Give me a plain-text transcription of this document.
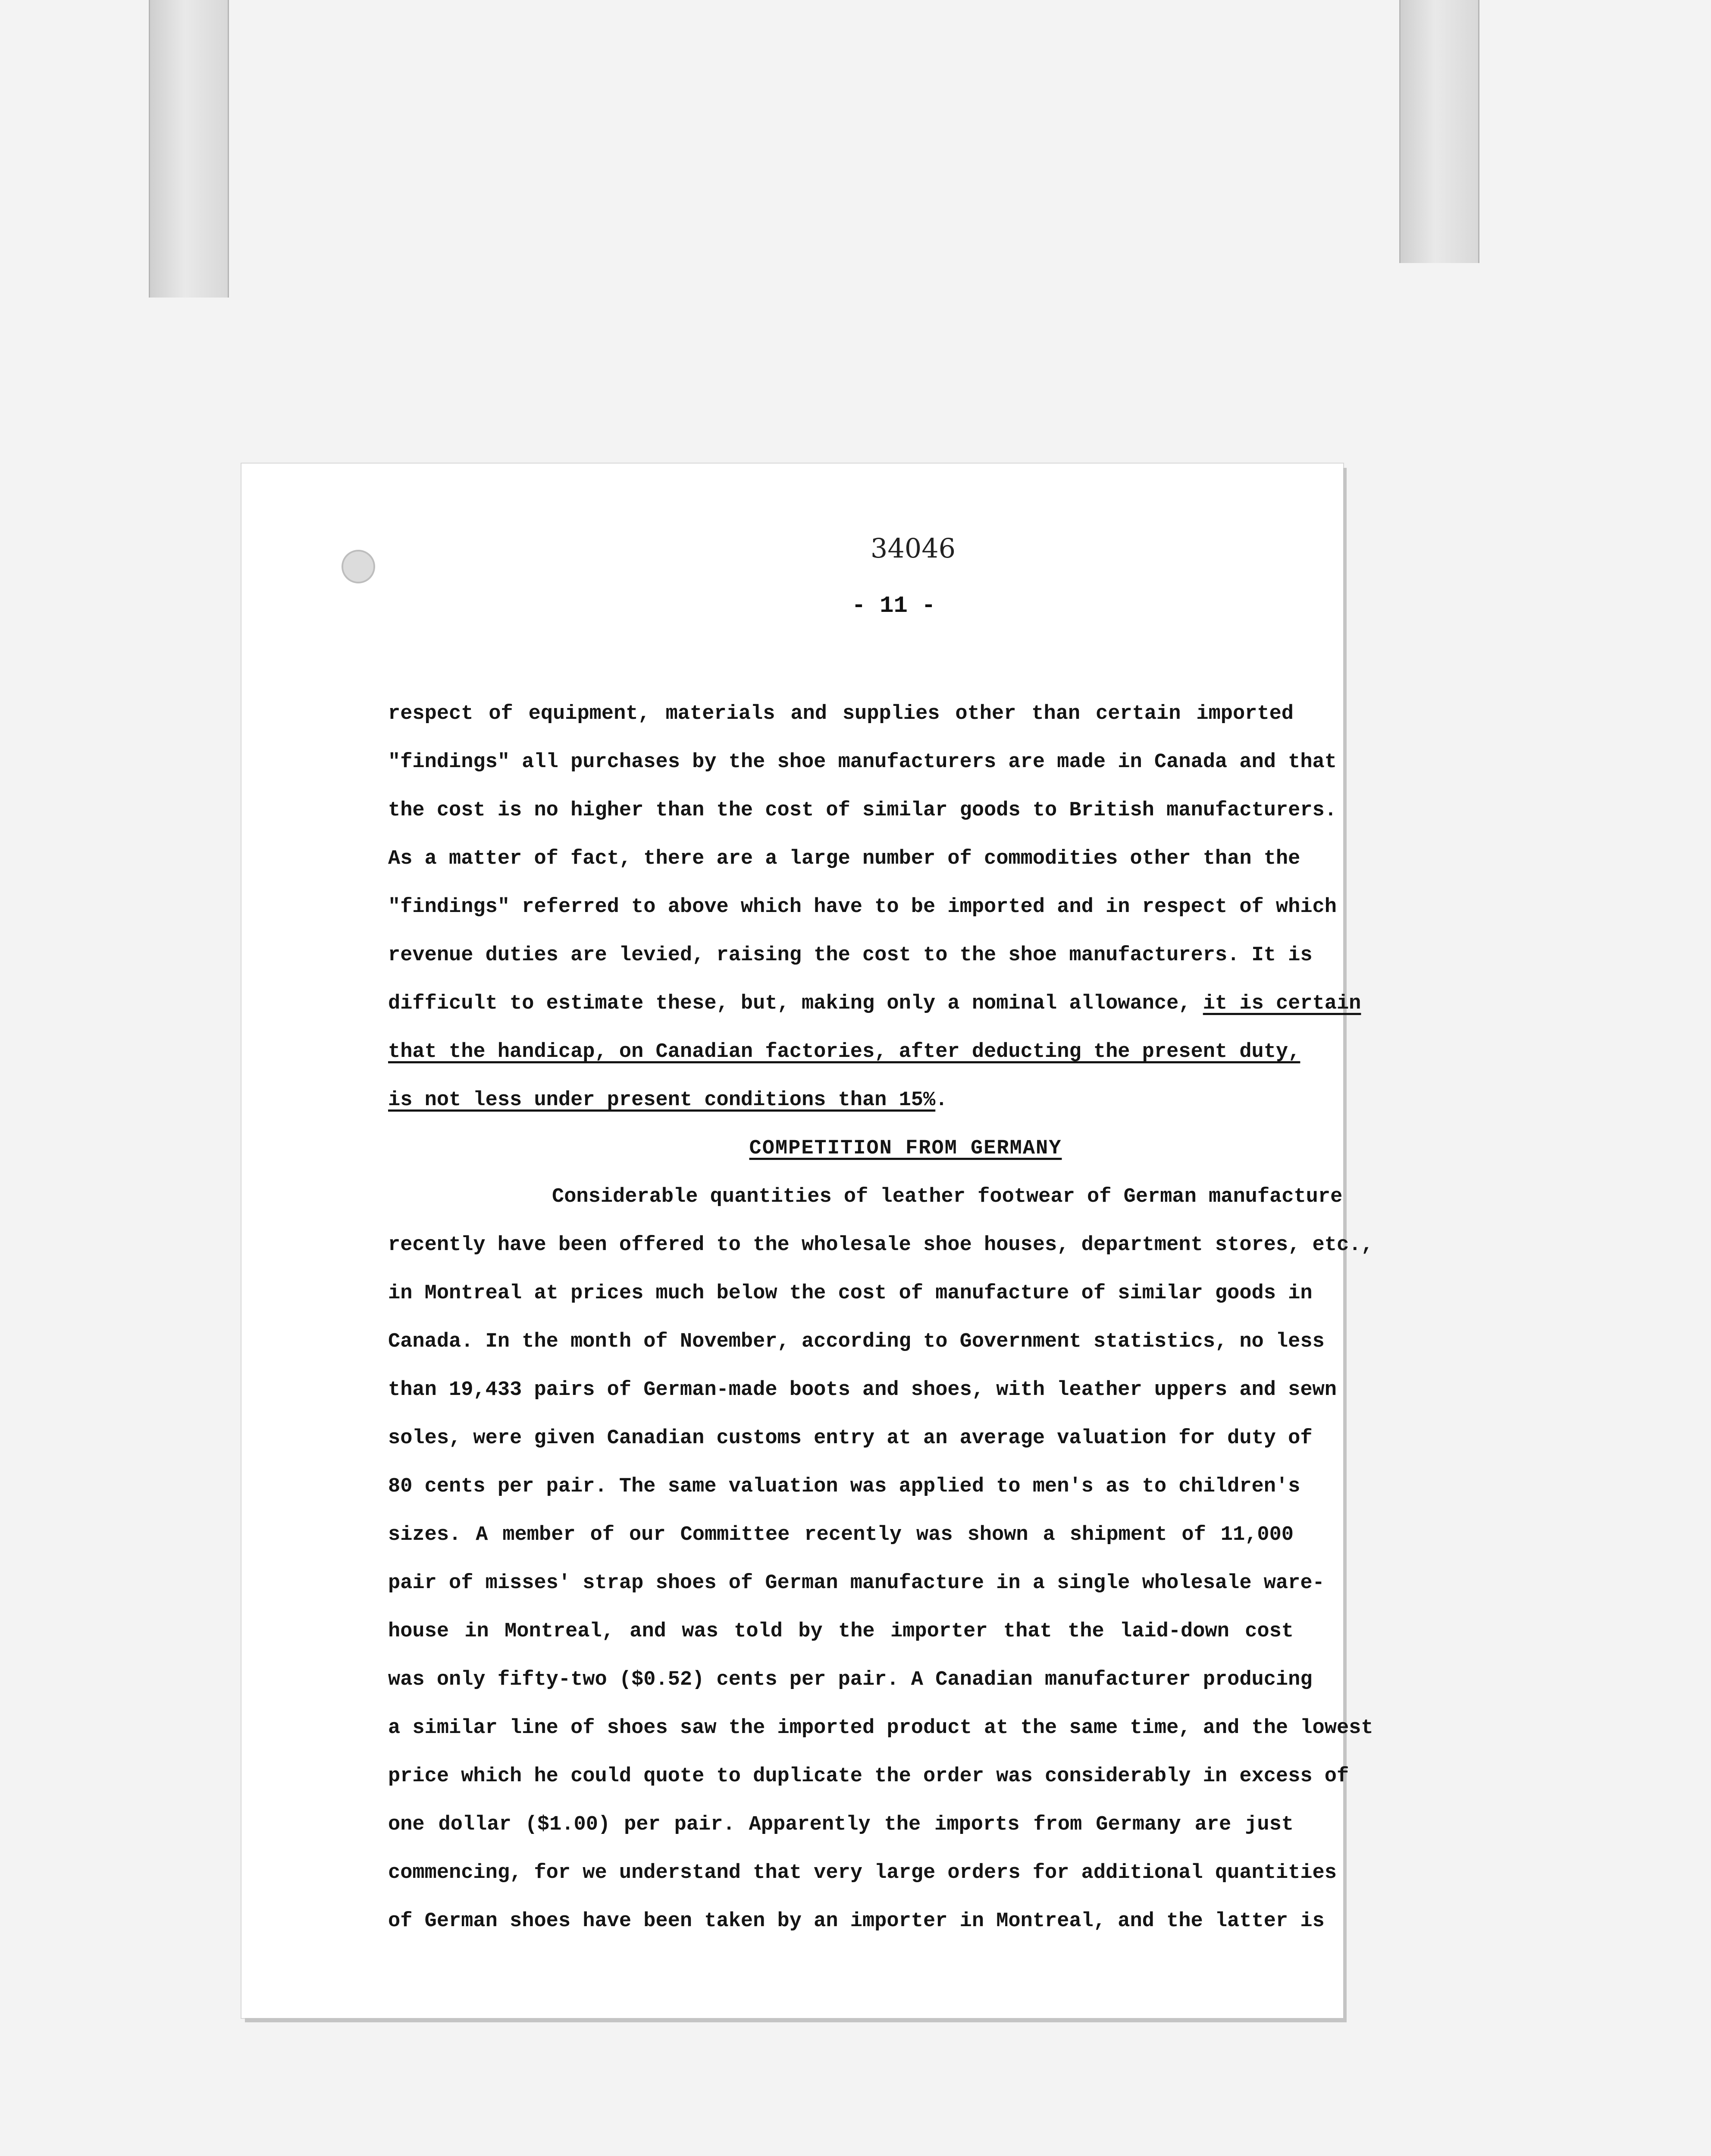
34046
- 11 -
respect of equipment, materials and supplies other than certain imported
"findings" all purchases by the shoe manufacturers are made in Canada and that
the cost is no higher than the cost of similar goods to British manufacturers.
As a matter of fact, there are a large number of commodities other than the
"findings" referred to above which have to be imported and in respect of which
revenue duties are levied, raising the cost to the shoe manufacturers. It is
difficult to estimate these, but, making only a nominal allowance, it is certain
that the handicap, on Canadian factories, after deducting the present duty,
is not less under present conditions than 15%.
COMPETITION FROM GERMANY
Considerable quantities of leather footwear of German manufacture
recently have been offered to the wholesale shoe houses, department stores, etc.,
in Montreal at prices much below the cost of manufacture of similar goods in
Canada. In the month of November, according to Government statistics, no less
than 19,433 pairs of German-made boots and shoes, with leather uppers and sewn
soles, were given Canadian customs entry at an average valuation for duty of
80 cents per pair. The same valuation was applied to men's as to children's
sizes. A member of our Committee recently was shown a shipment of 11,000
pair of misses' strap shoes of German manufacture in a single wholesale ware-
house in Montreal, and was told by the importer that the laid-down cost
was only fifty-two ($0.52) cents per pair. A Canadian manufacturer producing
a similar line of shoes saw the imported product at the same time, and the lowest
price which he could quote to duplicate the order was considerably in excess of
one dollar ($1.00) per pair. Apparently the imports from Germany are just
commencing, for we understand that very large orders for additional quantities
of German shoes have been taken by an importer in Montreal, and the latter is
